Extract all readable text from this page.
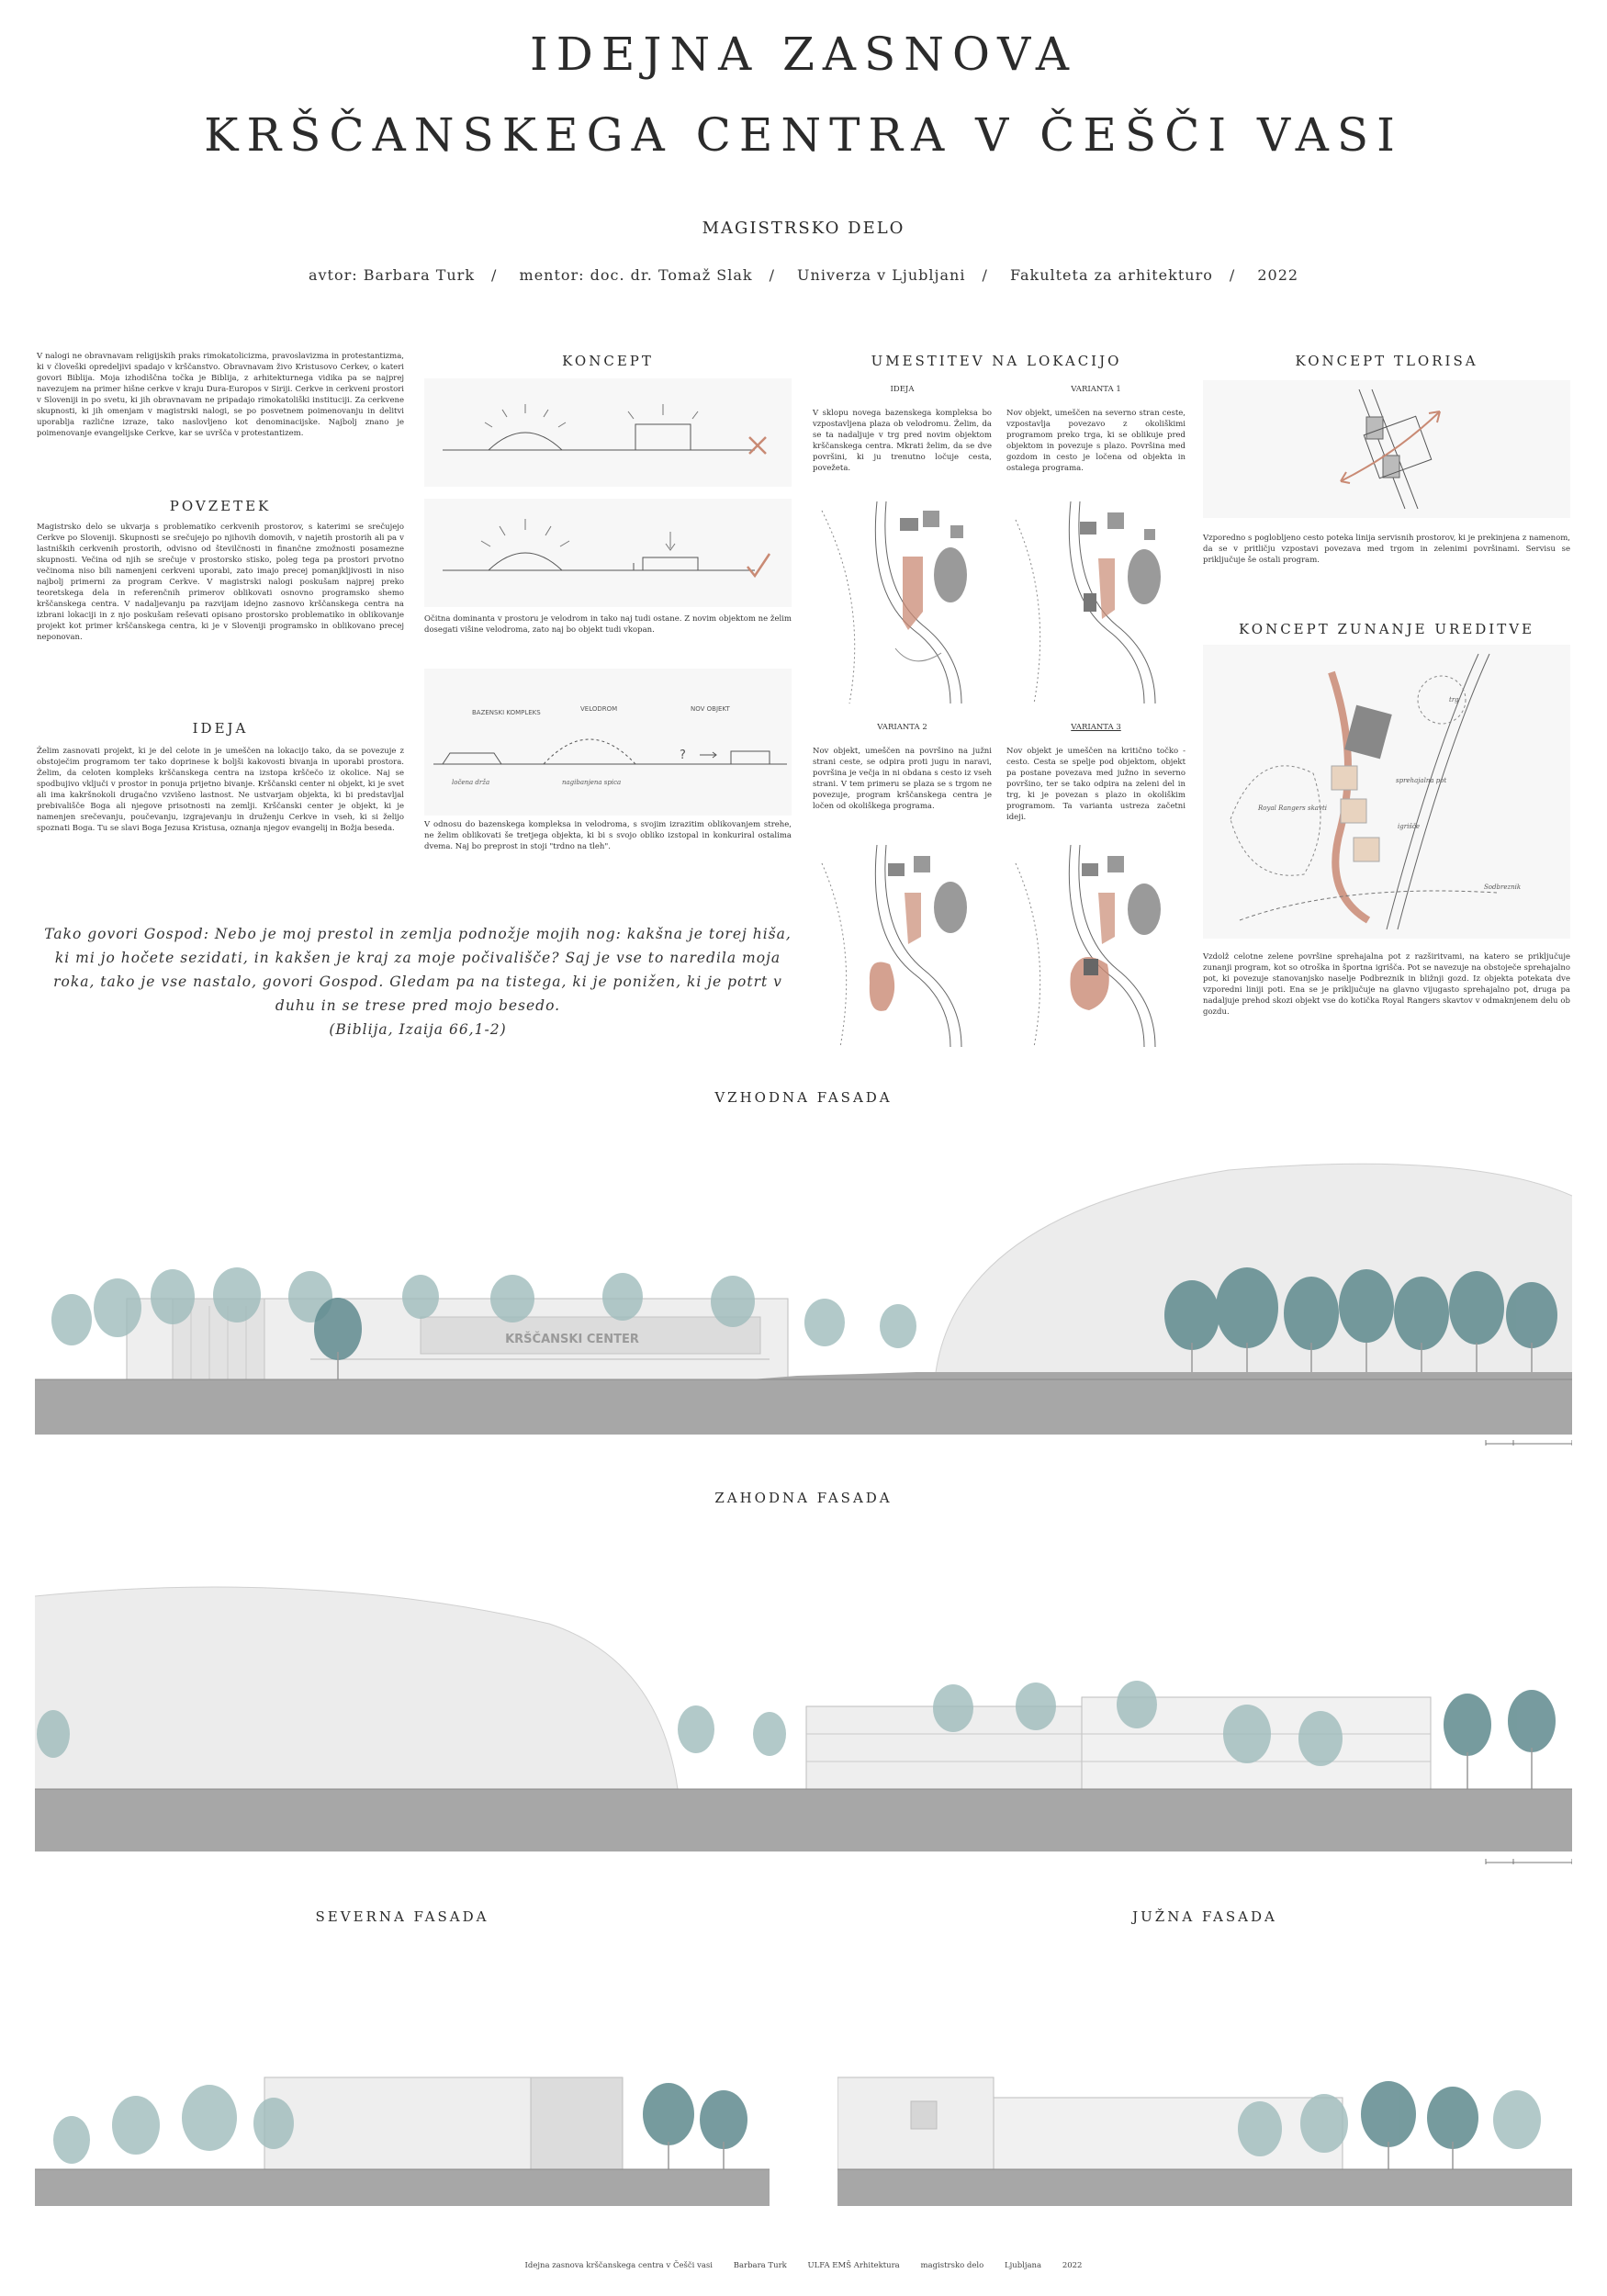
IDEJNA ZASNOVA
KRŠČANSKEGA CENTRA V ČEŠČI VASI
MAGISTRSKO DELO
avtor: Barbara Turk / mentor: doc. dr. Tomaž Slak / Univerza v Ljubljani / Fakulteta za arhitekturo / 2022
V nalogi ne obravnavam religijskih praks rimokatolicizma, pravoslavizma in protestantizma, ki v človeški opredeljivi spadajo v krščanstvo. Obravnavam živo Kristusovo Cerkev, o kateri govori Biblija. Moja izhodiščna točka je Biblija, z arhitekturnega vidika pa se najprej navezujem na primer hišne cerkve v kraju Dura-Europos v Siriji. Cerkve in cerkveni prostori v Sloveniji in po svetu, ki jih obravnavam ne pripadajo rimokatoliški instituciji. Za cerkvene skupnosti, ki jih omenjam v magistrski nalogi, se po posvetnem poimenovanju in delitvi uporablja različne izraze, tako naslovljeno kot denominacijske. Najbolj znano je poimenovanje evangelijske Cerkve, kar se uvršča v protestantizem.
POVZETEK
Magistrsko delo se ukvarja s problematiko cerkvenih prostorov, s katerimi se srečujejo Cerkve po Sloveniji. Skupnosti se srečujejo po njihovih domovih, v najetih prostorih ali pa v lastniških cerkvenih prostorih, odvisno od številčnosti in finančne zmožnosti posamezne skupnosti. Večina od njih se srečuje v prostorsko stisko, poleg tega pa prostori prvotno večinoma niso bili namenjeni cerkveni uporabi, zato imajo precej pomanjkljivosti in niso najbolj primerni za program Cerkve. V magistrski nalogi poskušam najprej preko teoretskega dela in referenčnih primerov oblikovati osnovno programsko shemo krščanskega centra. V nadaljevanju pa razvijam idejno zasnovo krščanskega centra na izbrani lokaciji in z njo poskušam reševati opisano prostorsko problematiko in oblikovanje projekt kot primer krščanskega centra, ki je v Sloveniji programsko in oblikovano precej neponovan.
IDEJA
Želim zasnovati projekt, ki je del celote in je umeščen na lokacijo tako, da se povezuje z obstoječim programom ter tako doprinese k boljši kakovosti bivanja in uporabi prostora. Želim, da celoten kompleks krščanskega centra na izstopa krščečo iz okolice. Naj se spodbujivo vključi v prostor in ponuja prijetno bivanje. Krščanski center ni objekt, ki je svet ali ima kakršnokoli drugačno vzvišeno lastnost. Ne ustvarjam objekta, ki bi predstavljal prebivališče Boga ali njegove prisotnosti na zemlji. Krščanski center je objekt, ki je namenjen srečevanju, poučevanju, izgrajevanju in druženju Cerkve in vseh, ki si želijo spoznati Boga. Tu se slavi Boga Jezusa Kristusa, oznanja njegov evangelij in Božja beseda.
Tako govori Gospod: Nebo je moj prestol in zemlja podnožje mojih nog: kakšna je torej hiša,
ki mi jo hočete sezidati, in kakšen je kraj za moje počivališče? Saj je vse to naredila moja
roka, tako je vse nastalo, govori Gospod. Gledam pa na tistega, ki je ponižen, ki je potrt v
duhu in se trese pred mojo besedo.
(Biblija, Izaija 66,1-2)
KONCEPT
Očitna dominanta v prostoru je velodrom in tako naj tudi ostane. Z novim objektom ne želim dosegati višine velodroma, zato naj bo objekt tudi vkopan.
BAZENSKI KOMPLEKS	VELODROM	NOV OBJEKT
?
ločena drža	nagibanjena spica
V odnosu do bazenskega kompleksa in velodroma, s svojim izrazitim oblikovanjem strehe, ne želim oblikovati še tretjega objekta, ki bi s svojo obliko izstopal in konkuriral ostalima dvema. Naj bo preprost in stoji "trdno na tleh".
UMESTITEV NA LOKACIJO
IDEJA
V sklopu novega bazenskega kompleksa bo vzpostavljena plaza ob velodromu. Želim, da se ta nadaljuje v trg pred novim objektom krščanskega centra. Mkrati želim, da se dve površini, ki ju trenutno ločuje cesta, povežeta.
VARIANTA 1
Nov objekt, umeščen na severno stran ceste, vzpostavlja povezavo z okoliškimi programom preko trga, ki se oblikuje pred objektom in povezuje s plazo. Površina med gozdom in cesto je ločena od objekta in ostalega programa.
VARIANTA 2
Nov objekt, umeščen na površino na južni strani ceste, se odpira proti jugu in naravi, površina je večja in ni obdana s cesto iz vseh strani. V tem primeru se plaza se s trgom ne povezuje, program krščanskega centra je ločen od okoliškega programa.
VARIANTA 3
Nov objekt je umeščen na kritično točko - cesto. Cesta se spelje pod objektom, objekt pa postane povezava med južno in severno površino, ter se tako odpira na zeleni del in trg, ki je povezan s plazo in okoliškim programom. Ta varianta ustreza začetni ideji.
KONCEPT TLORISA
Vzporedno s poglobljeno cesto poteka linija servisnih prostorov, ki je prekinjena z namenom, da se v pritličju vzpostavi povezava med trgom in zelenimi površinami. Servisu se priključuje še ostali program.
KONCEPT ZUNANJE UREDITVE
trg
Royal Rangers skavti
sprehajalna pot
igrišče
Sodbreznik
Vzdolž celotne zelene površine sprehajalna pot z razširitvami, na katero se priključuje zunanji program, kot so otroška in športna igrišča. Pot se navezuje na obstoječe sprehajalno pot, ki povezuje stanovanjsko naselje Podbreznik in bližnji gozd. Iz objekta potekata dve vzporedni liniji poti. Ena se je priključuje na glavno vijugasto sprehajalno pot, druga pa nadaljuje prehod skozi objekt vse do kotička Royal Rangers skavtov v odmaknjenem delu ob gozdu.
VZHODNA FASADA
KRŠČANSKI CENTER
ZAHODNA FASADA
SEVERNA FASADA	JUŽNA FASADA
Idejna zasnova krščanskega centra v Češči vasi	Barbara Turk	ULFA EMŠ Arhitektura	magistrsko delo	Ljubljana	2022
